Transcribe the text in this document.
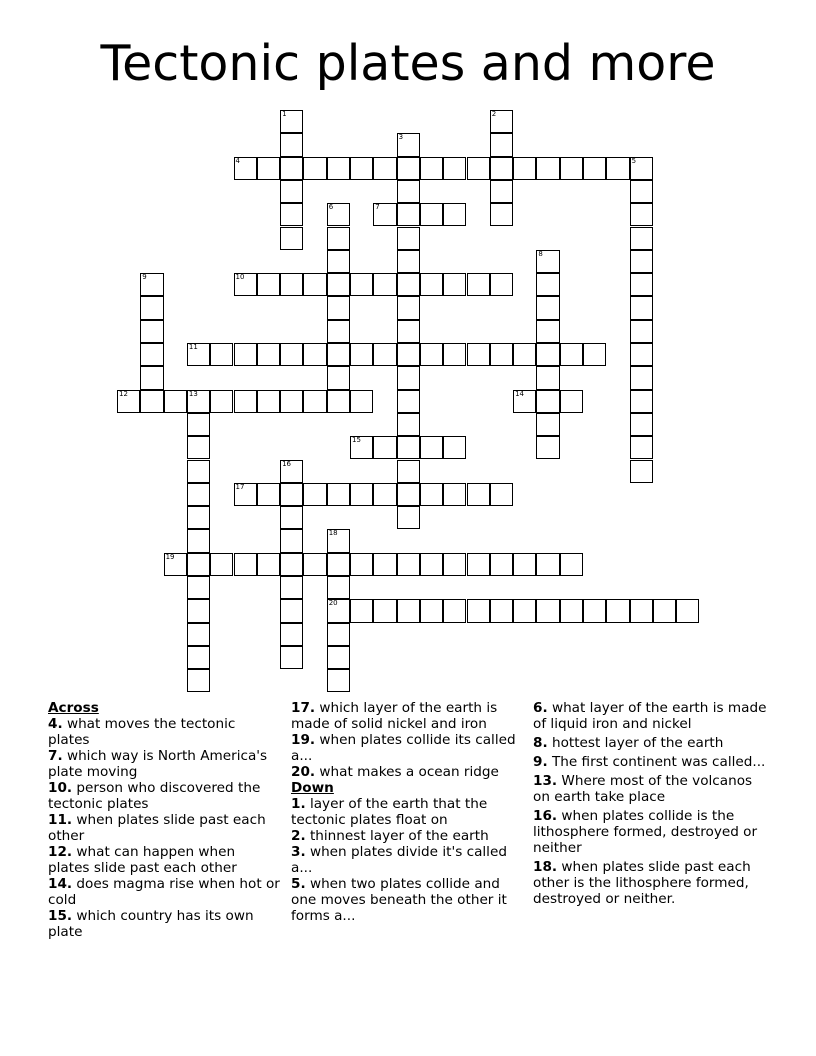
Tectonic plates and more
1	2
3
4	5
6	7
8
9	10
11
12	13	14
15
16
17
18
20
19
Across

4. what moves the tectonic plates

7. which way is North America's plate moving

10. person who discovered the tectonic plates

11. when plates slide past each other

12. what can happen when plates slide past each other

14. does magma rise when hot or cold

15. which country has its own plate

17. which layer of the earth is made of solid nickel and iron

19. when plates collide its called a...

20. what makes a ocean ridge

Down

1. layer of the earth that the tectonic plates float on

2. thinnest layer of the earth

3. when plates divide it's called a...

5. when two plates collide and one moves beneath the other it forms a...

6. what layer of the earth is made of liquid iron and nickel

8. hottest layer of the earth

9. The first continent was called...

13. Where most of the volcanos on earth take place

16. when plates collide is the lithosphere formed, destroyed or neither

18. when plates slide past each other is the lithosphere formed, destroyed or neither.
